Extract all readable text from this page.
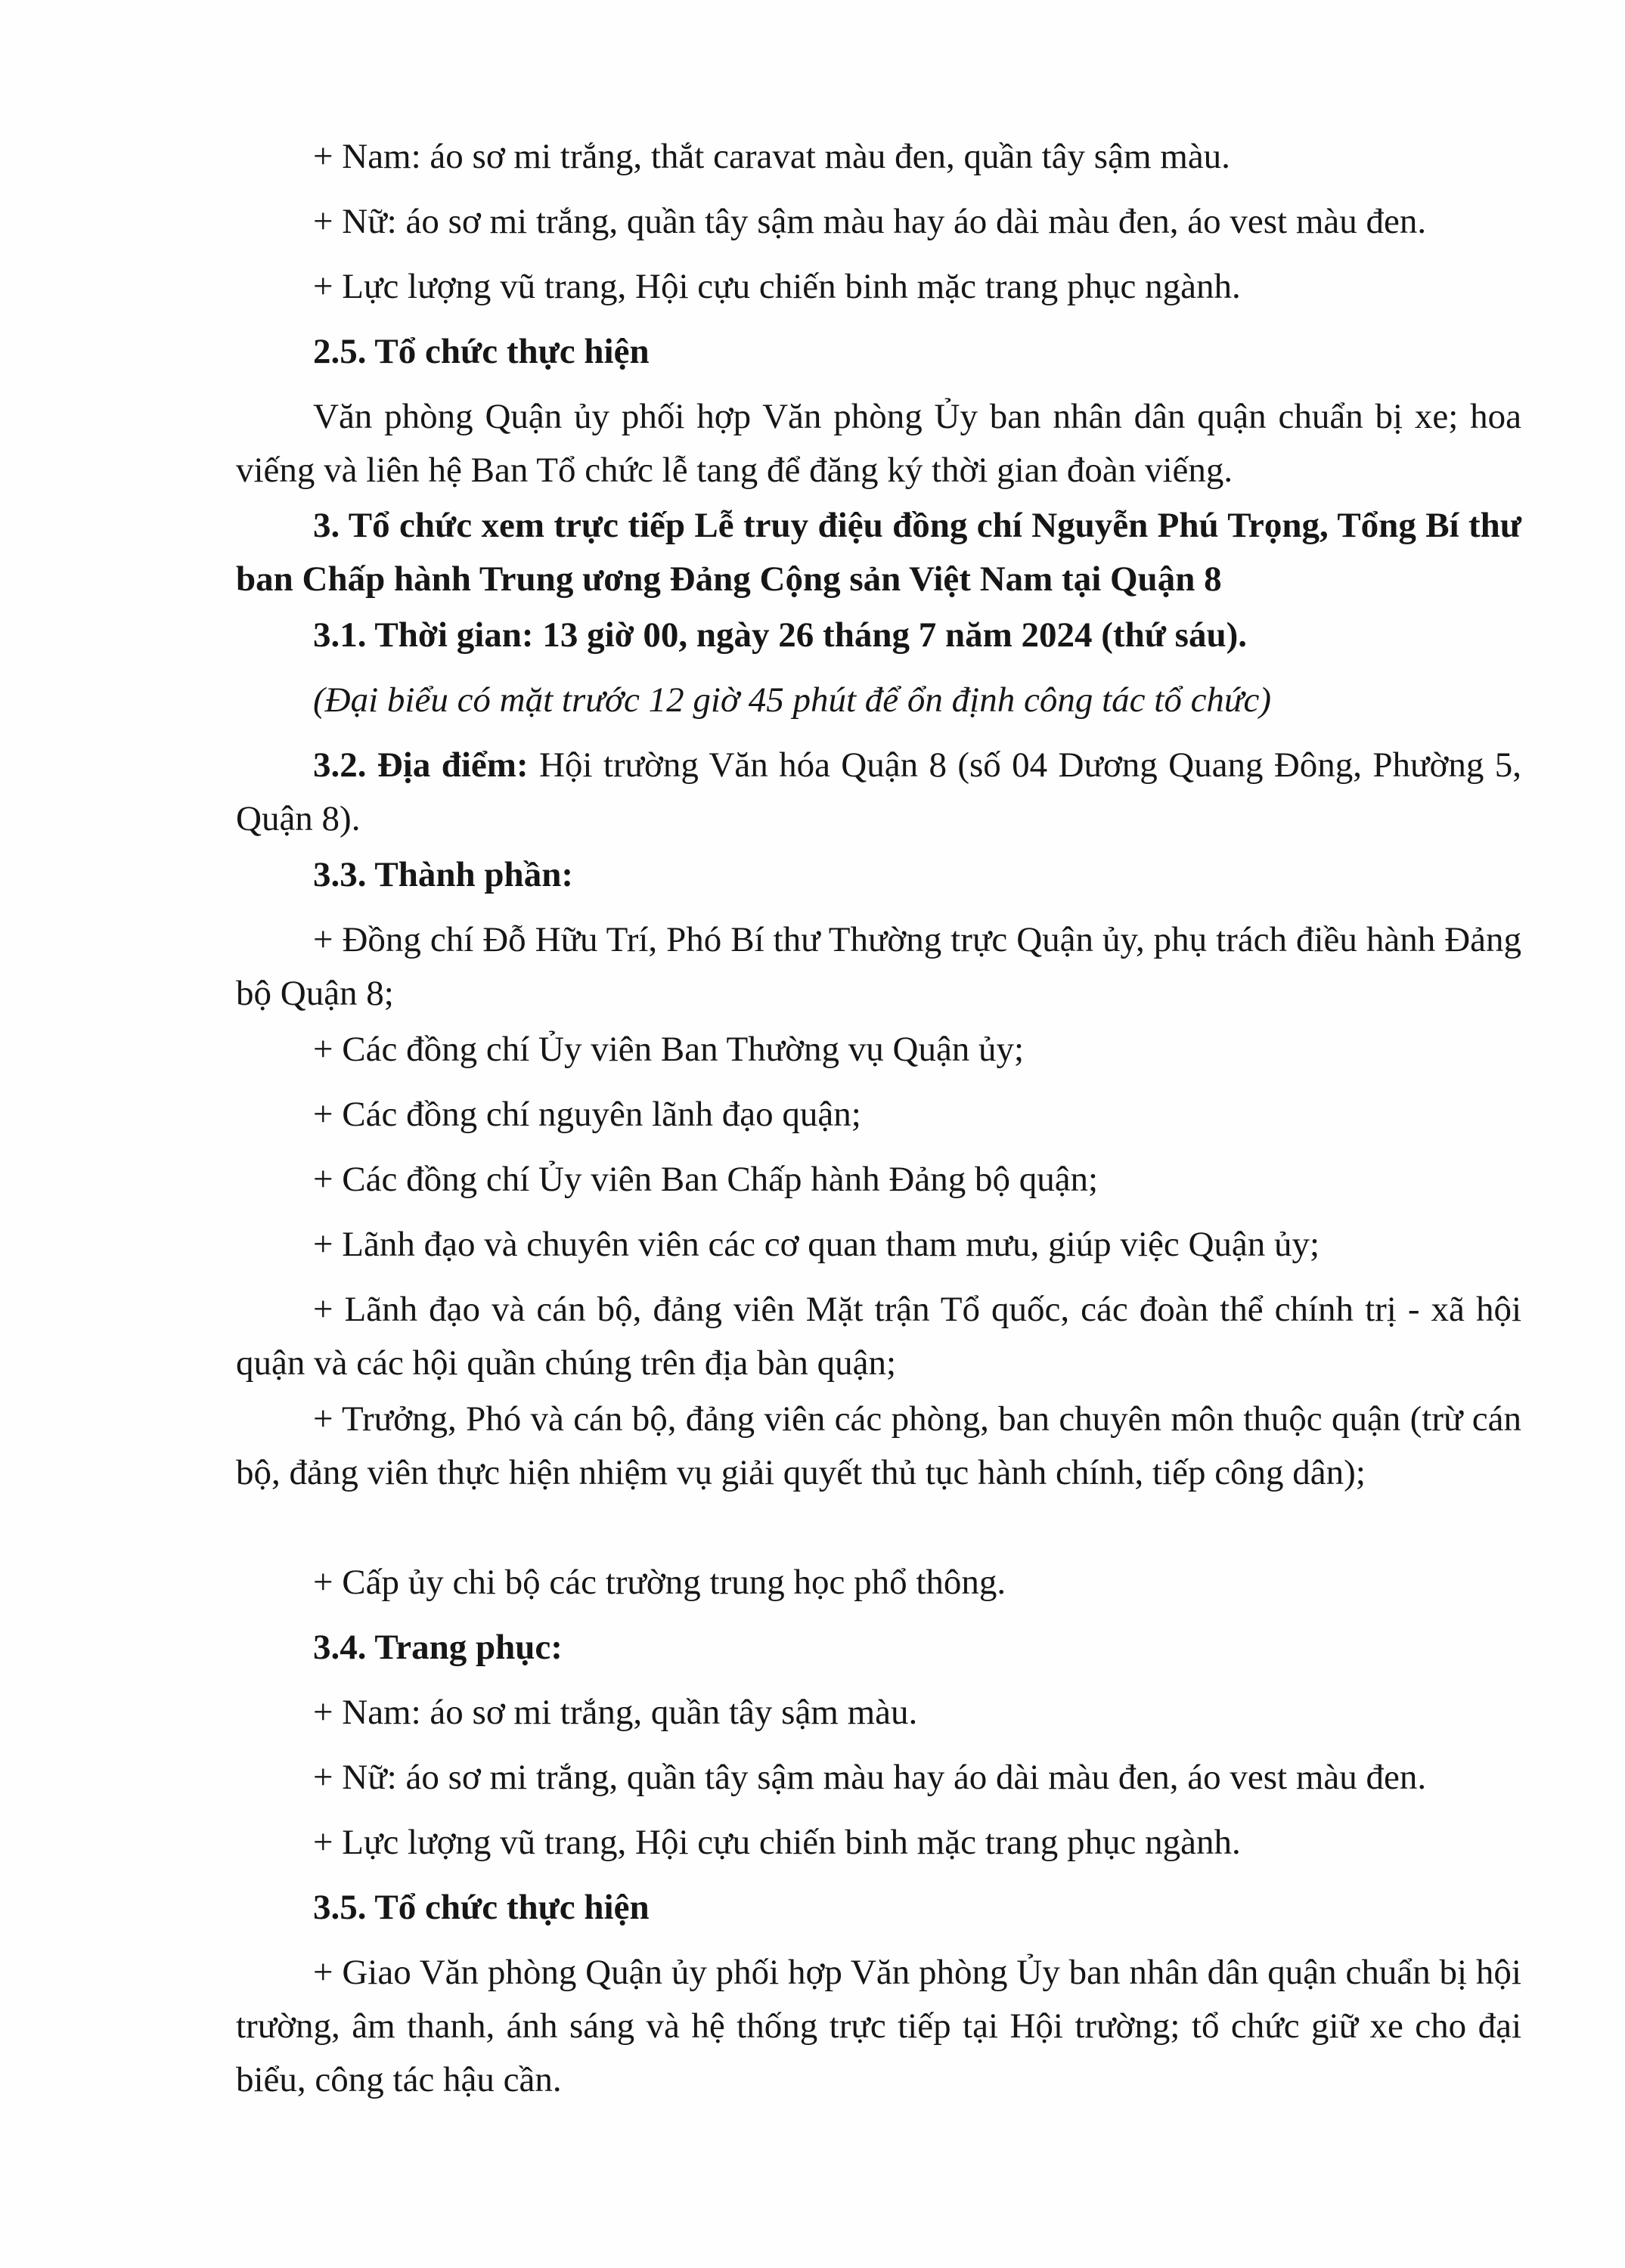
+ Nam: áo sơ mi trắng, thắt caravat màu đen, quần tây sậm màu.

+ Nữ: áo sơ mi trắng, quần tây sậm màu hay áo dài màu đen, áo vest màu đen.

+ Lực lượng vũ trang, Hội cựu chiến binh mặc trang phục ngành.

2.5. Tổ chức thực hiện

Văn phòng Quận ủy phối hợp Văn phòng Ủy ban nhân dân quận chuẩn bị xe; hoa viếng và liên hệ Ban Tổ chức lễ tang để đăng ký thời gian đoàn viếng.

3. Tổ chức xem trực tiếp Lễ truy điệu đồng chí Nguyễn Phú Trọng, Tổng Bí thư ban Chấp hành Trung ương Đảng Cộng sản Việt Nam tại Quận 8

3.1. Thời gian: 13 giờ 00, ngày 26 tháng 7 năm 2024 (thứ sáu).

(Đại biểu có mặt trước 12 giờ 45 phút để ổn định công tác tổ chức)

3.2. Địa điểm: Hội trường Văn hóa Quận 8 (số 04 Dương Quang Đông, Phường 5, Quận 8).

3.3. Thành phần:

+ Đồng chí Đỗ Hữu Trí, Phó Bí thư Thường trực Quận ủy, phụ trách điều hành Đảng bộ Quận 8;

+ Các đồng chí Ủy viên Ban Thường vụ Quận ủy;

+ Các đồng chí nguyên lãnh đạo quận;

+ Các đồng chí Ủy viên Ban Chấp hành Đảng bộ quận;

+ Lãnh đạo và chuyên viên các cơ quan tham mưu, giúp việc Quận ủy;

+ Lãnh đạo và cán bộ, đảng viên Mặt trận Tổ quốc, các đoàn thể chính trị - xã hội quận và các hội quần chúng trên địa bàn quận;

+ Trưởng, Phó và cán bộ, đảng viên các phòng, ban chuyên môn thuộc quận (trừ cán bộ, đảng viên thực hiện nhiệm vụ giải quyết thủ tục hành chính, tiếp công dân);

+ Cấp ủy chi bộ các trường trung học phổ thông.

3.4. Trang phục:

+ Nam: áo sơ mi trắng, quần tây sậm màu.

+ Nữ: áo sơ mi trắng, quần tây sậm màu hay áo dài màu đen, áo vest màu đen.

+ Lực lượng vũ trang, Hội cựu chiến binh mặc trang phục ngành.

3.5. Tổ chức thực hiện

+ Giao Văn phòng Quận ủy phối hợp Văn phòng Ủy ban nhân dân quận chuẩn bị hội trường, âm thanh, ánh sáng và hệ thống trực tiếp tại Hội trường; tổ chức giữ xe cho đại biểu, công tác hậu cần.
